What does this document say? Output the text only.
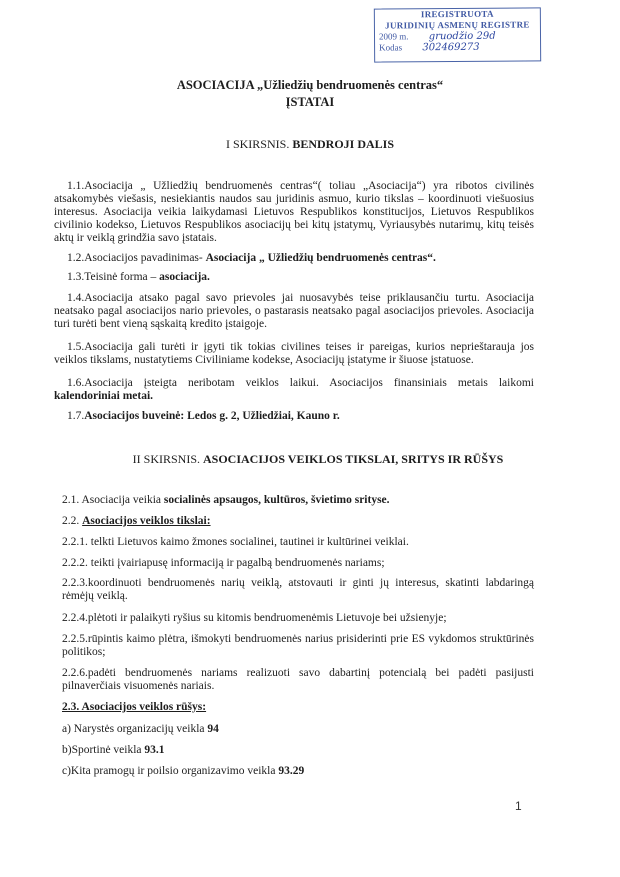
IREGISTRUOTA
JURIDINIŲ ASMENŲ REGISTRE
2009 m. gruodžio 29d
Kodas 302469273
ASOCIACIJA „Užliedžių bendruomenės centras“
ĮSTATAI
I SKIRSNIS. BENDROJI DALIS
1.1.Asociacija „ Užliedžių bendruomenės centras“( toliau „Asociacija“) yra ribotos civilinės atsakomybės viešasis, nesiekiantis naudos sau juridinis asmuo, kurio tikslas – koordinuoti viešuosius interesus. Asociacija veikia laikydamasi Lietuvos Respublikos konstitucijos, Lietuvos Respublikos civilinio kodekso, Lietuvos Respublikos asociacijų bei kitų įstatymų, Vyriausybės nutarimų, kitų teisės aktų ir veiklą grindžia savo įstatais.
1.2.Asociacijos pavadinimas- Asociacija „ Užliedžių bendruomenės centras“.
1.3.Teisinė forma – asociacija.
1.4.Asociacija atsako pagal savo prievoles jai nuosavybės teise priklausančiu turtu. Asociacija neatsako pagal asociacijos nario prievoles, o pastarasis neatsako pagal asociacijos prievoles. Asociacija turi turėti bent vieną sąskaitą kredito įstaigoje.
1.5.Asociacija gali turėti ir įgyti tik tokias civilines teises ir pareigas, kurios neprieštarauja jos veiklos tikslams, nustatytiems Civiliniame kodekse, Asociacijų įstatyme ir šiuose įstatuose.
1.6.Asociacija įsteigta neribotam veiklos laikui. Asociacijos finansiniais metais laikomi kalendoriniai metai.
1.7.Asociacijos buveinė: Ledos g. 2, Užliedžiai, Kauno r.
II SKIRSNIS. ASOCIACIJOS VEIKLOS TIKSLAI, SRITYS IR RŪŠYS
2.1. Asociacija veikia socialinės apsaugos, kultūros, švietimo srityse.
2.2. Asociacijos veiklos tikslai:
2.2.1. telkti Lietuvos kaimo žmones socialinei, tautinei ir kultūrinei veiklai.
2.2.2. teikti įvairiapusę informaciją ir pagalbą bendruomenės nariams;
2.2.3.koordinuoti bendruomenės narių veiklą, atstovauti ir ginti jų interesus, skatinti labdaringą rėmėjų veiklą.
2.2.4.plėtoti ir palaikyti ryšius su kitomis bendruomenėmis Lietuvoje bei užsienyje;
2.2.5.rūpintis kaimo plėtra, išmokyti bendruomenės narius prisiderinti prie ES vykdomos struktūrinės politikos;
2.2.6.padėti bendruomenės nariams realizuoti savo dabartinį potencialą bei padėti pasijusti pilnaverčiais visuomenės nariais.
2.3. Asociacijos veiklos rūšys:
a) Narystės organizacijų veikla 94
b)Sportinė veikla 93.1
c)Kita pramogų ir poilsio organizavimo veikla 93.29
1
